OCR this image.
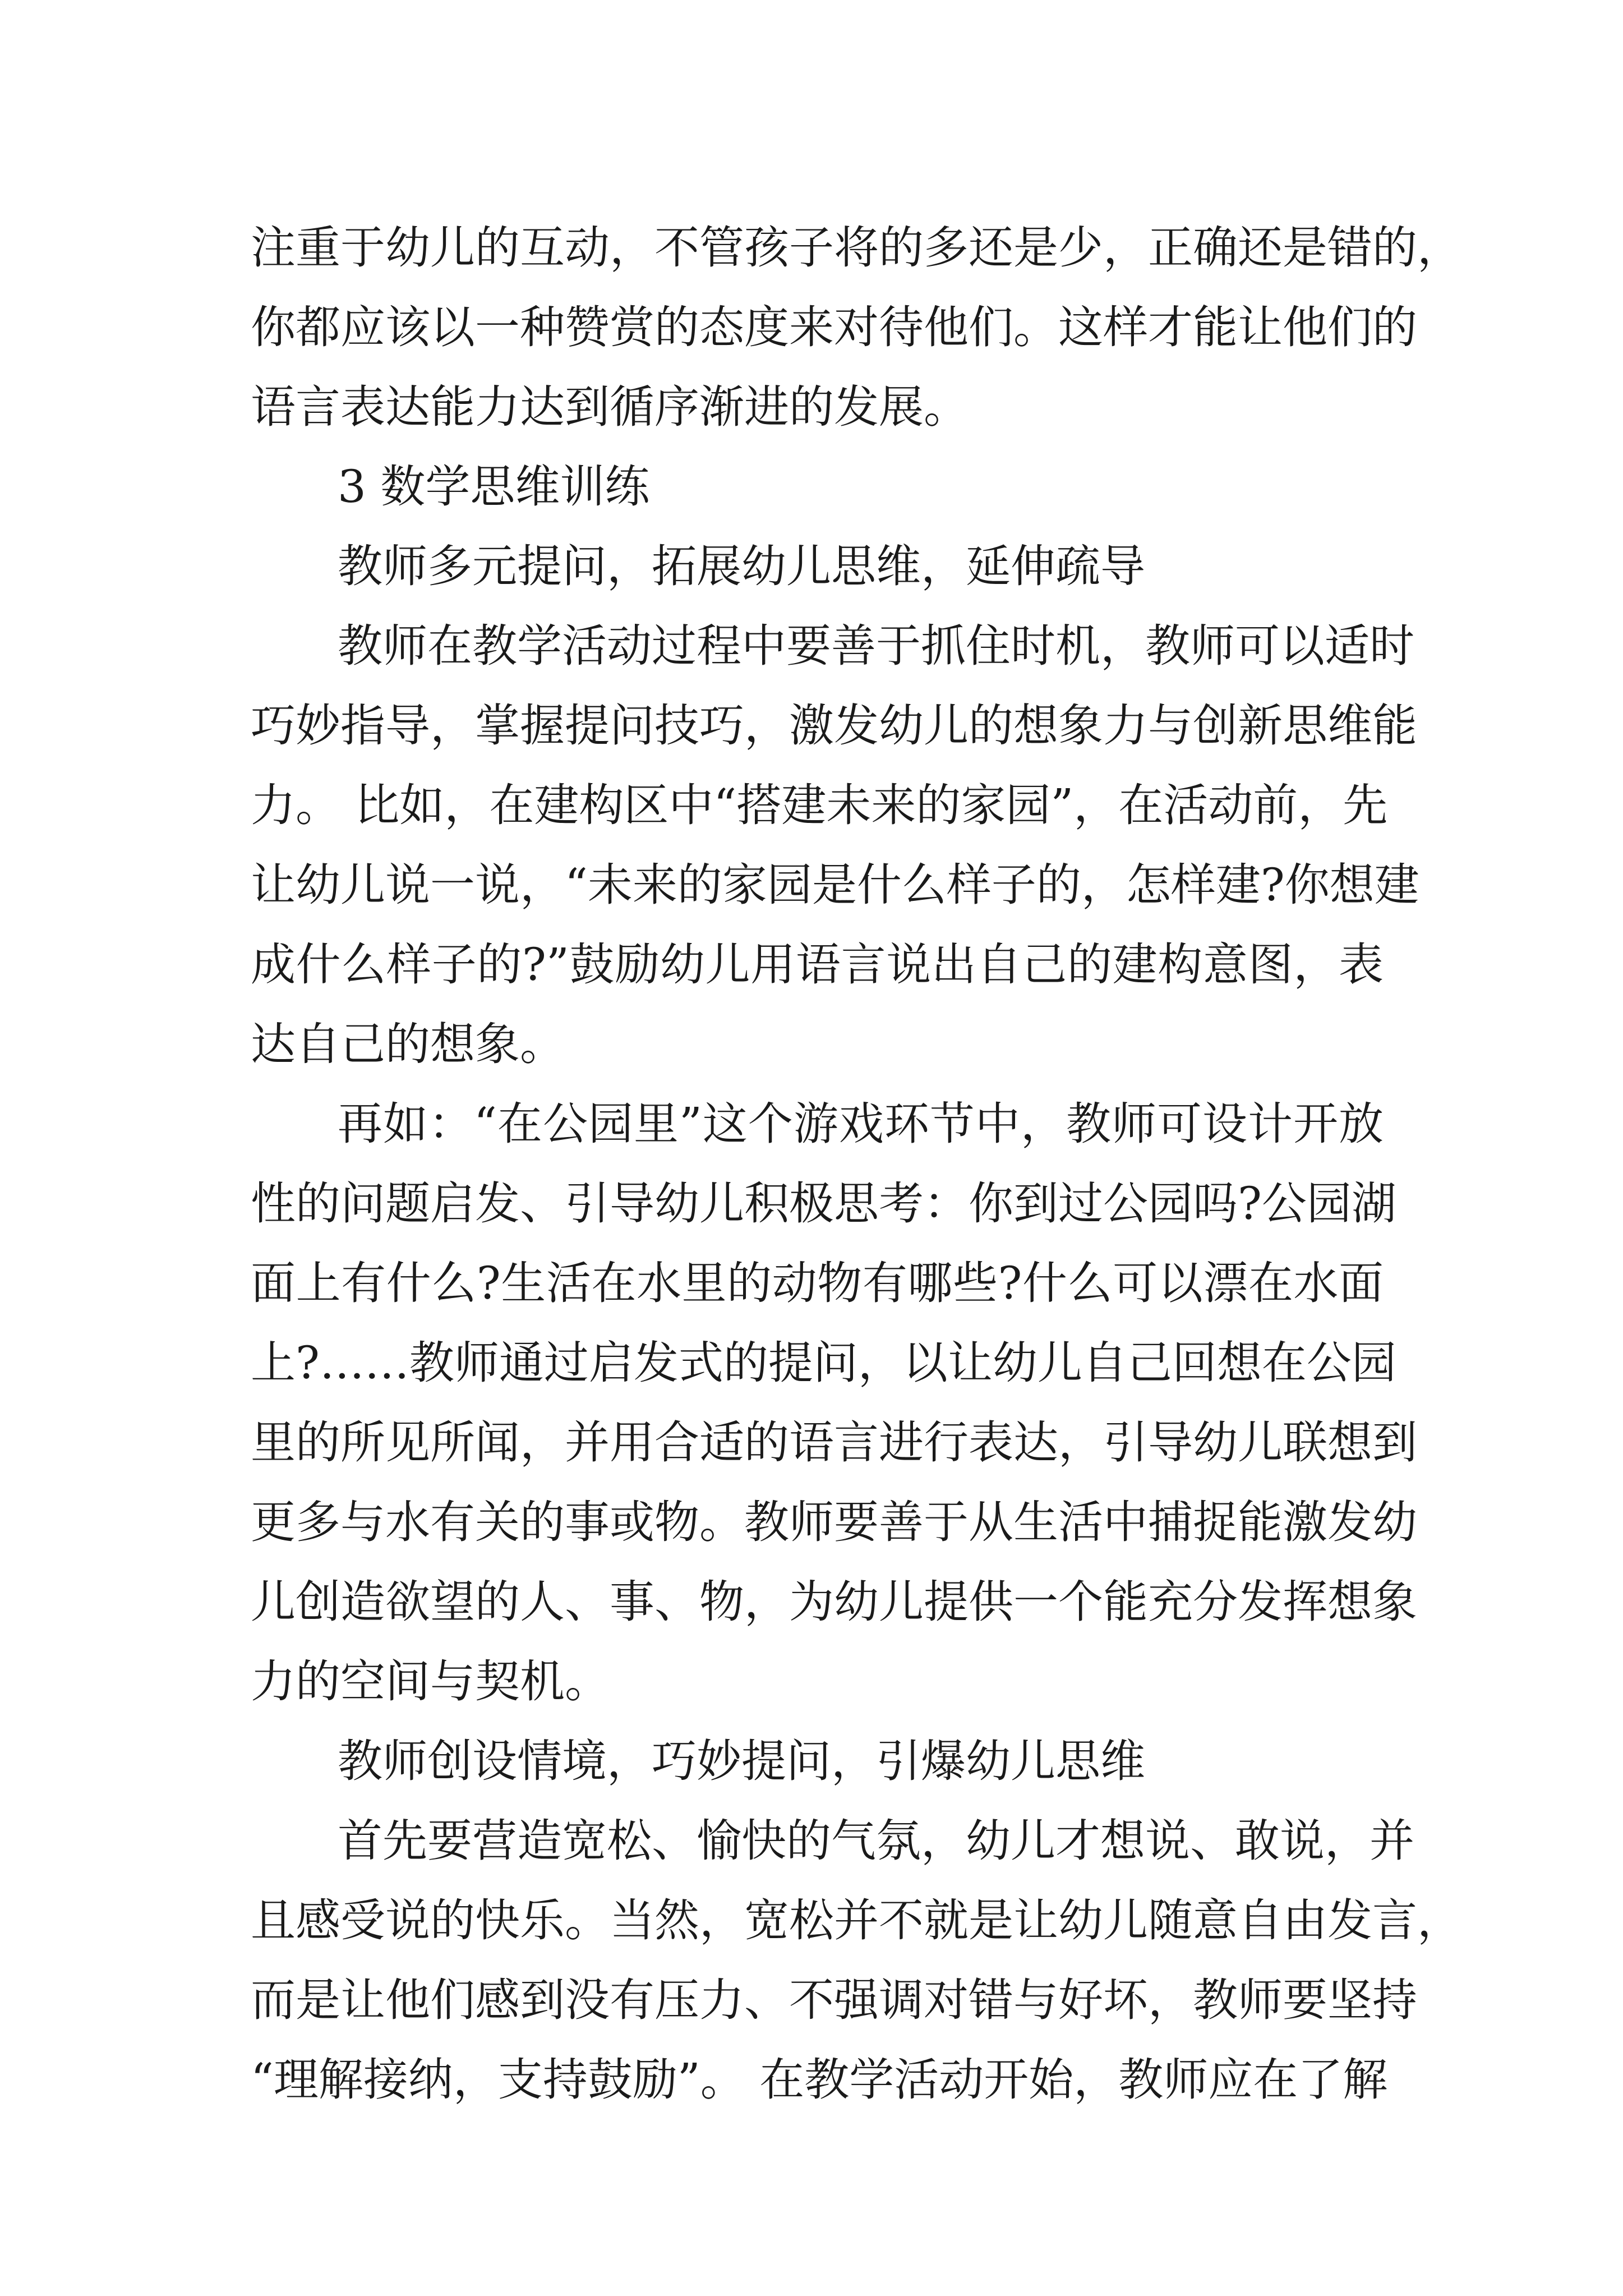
注重于幼儿的互动，不管孩子将的多还是少，正确还是错的，

你都应该以一种赞赏的态度来对待他们。这样才能让他们的

语言表达能力达到循序渐进的发展。

3 数学思维训练

教师多元提问，拓展幼儿思维，延伸疏导

教师在教学活动过程中要善于抓住时机，教师可以适时

巧妙指导，掌握提问技巧，激发幼儿的想象力与创新思维能

力。 比如，在建构区中“搭建未来的家园”，在活动前，先

让幼儿说一说，“未来的家园是什么样子的，怎样建?你想建

成什么样子的?”鼓励幼儿用语言说出自己的建构意图，表

达自己的想象。

再如：“在公园里”这个游戏环节中，教师可设计开放

性的问题启发、引导幼儿积极思考：你到过公园吗?公园湖

面上有什么?生活在水里的动物有哪些?什么可以漂在水面

上?……教师通过启发式的提问，以让幼儿自己回想在公园

里的所见所闻，并用合适的语言进行表达，引导幼儿联想到

更多与水有关的事或物。教师要善于从生活中捕捉能激发幼

儿创造欲望的人、事、物，为幼儿提供一个能充分发挥想象

力的空间与契机。

教师创设情境，巧妙提问，引爆幼儿思维

首先要营造宽松、愉快的气氛，幼儿才想说、敢说，并

且感受说的快乐。当然，宽松并不就是让幼儿随意自由发言，

而是让他们感到没有压力、不强调对错与好坏，教师要坚持

“理解接纳，支持鼓励”。 在教学活动开始，教师应在了解
